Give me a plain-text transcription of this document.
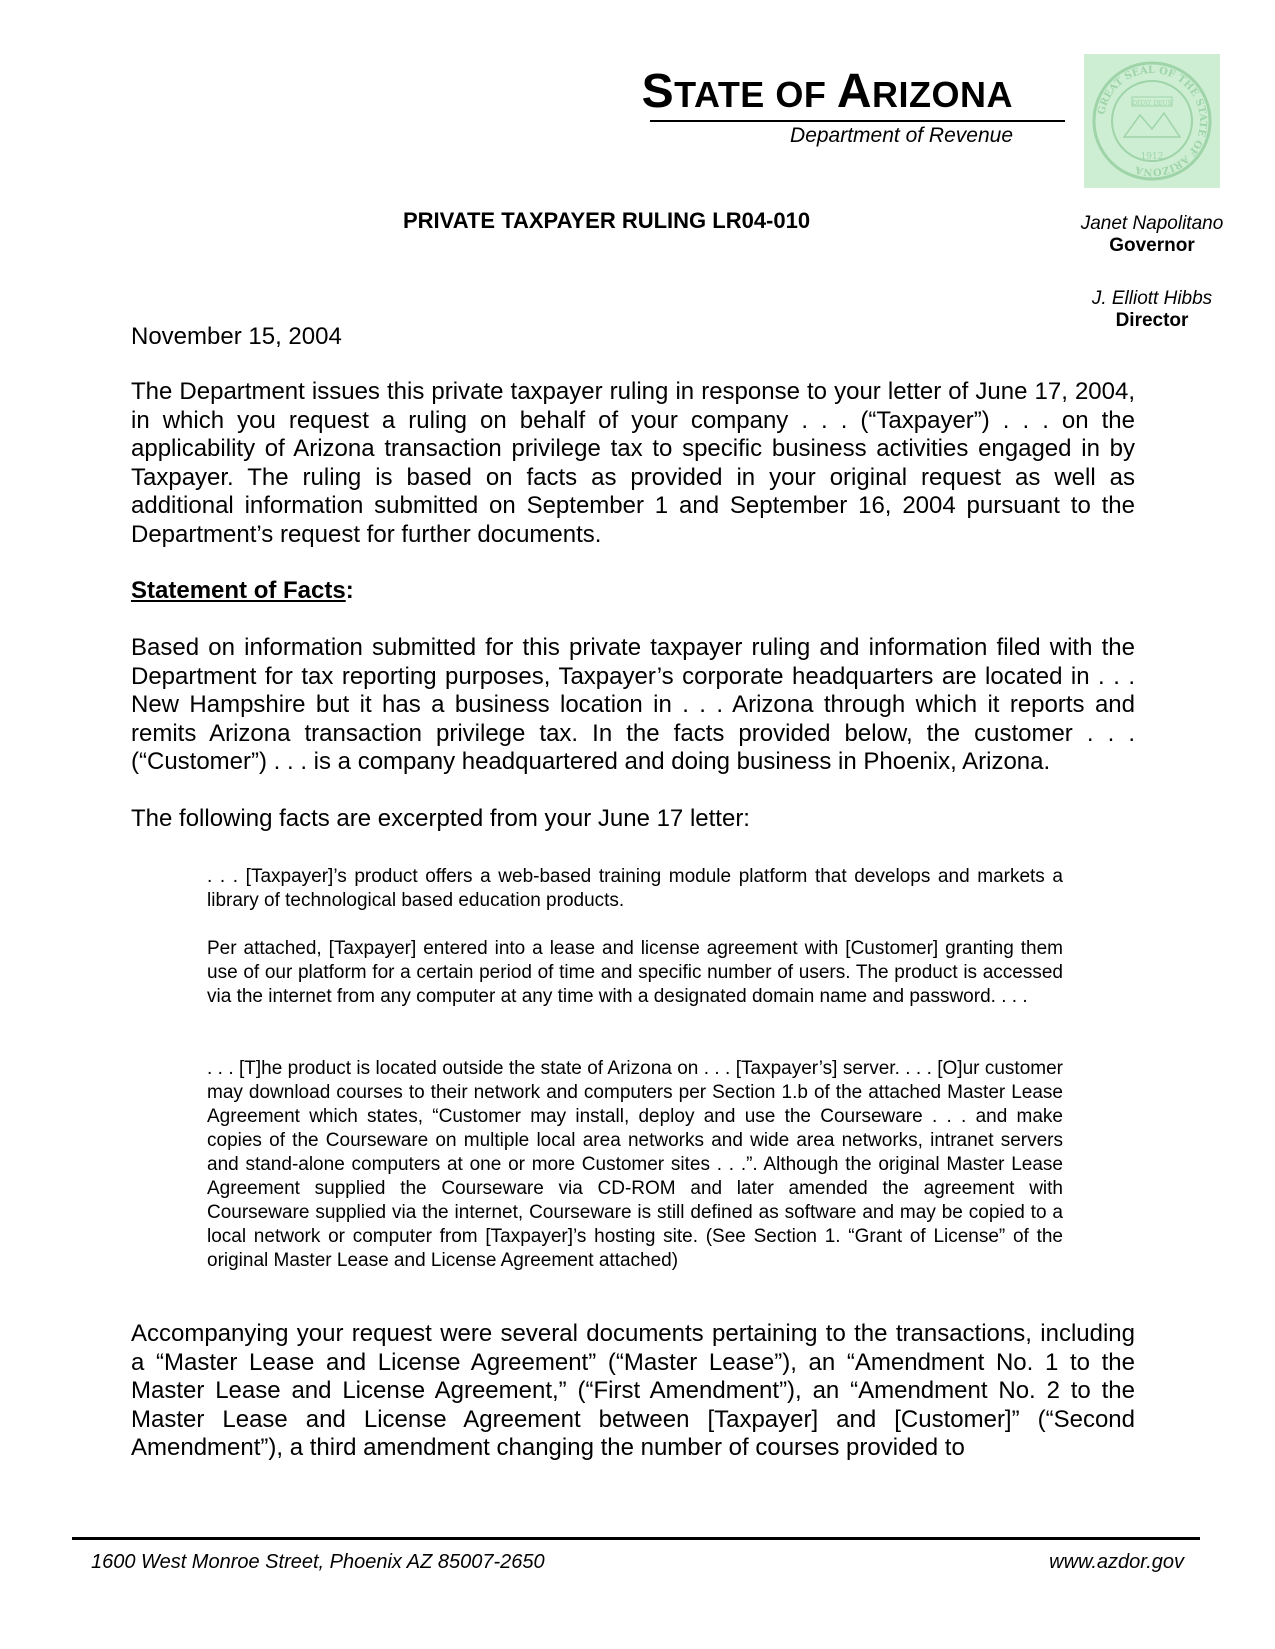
STATE OF ARIZONA
Department of Revenue
GREAT SEAL OF THE STATE OF ARIZONA
DITAT DEUS
1912
PRIVATE TAXPAYER RULING LR04-010	Janet Napolitano
Governor
J. Elliott Hibbs
Director
November 15, 2004

The Department issues this private taxpayer ruling in response to your letter of June 17, 2004, in which you request a ruling on behalf of your company . . . (“Taxpayer”) . . . on the applicability of Arizona transaction privilege tax to specific business activities engaged in by Taxpayer. The ruling is based on facts as provided in your original request as well as additional information submitted on September 1 and September 16, 2004 pursuant to the Department’s request for further documents.

Statement of Facts:

Based on information submitted for this private taxpayer ruling and information filed with the Department for tax reporting purposes, Taxpayer’s corporate headquarters are located in . . . New Hampshire but it has a business location in . . . Arizona through which it reports and remits Arizona transaction privilege tax. In the facts provided below, the customer . . . (“Customer”) . . . is a company headquartered and doing business in Phoenix, Arizona.

The following facts are excerpted from your June 17 letter:

. . . [Taxpayer]’s product offers a web-based training module platform that develops and markets a library of technological based education products.

Per attached, [Taxpayer] entered into a lease and license agreement with [Customer] granting them use of our platform for a certain period of time and specific number of users. The product is accessed via the internet from any computer at any time with a designated domain name and password. . . .

. . . [T]he product is located outside the state of Arizona on . . . [Taxpayer’s] server. . . . [O]ur customer may download courses to their network and computers per Section 1.b of the attached Master Lease Agreement which states, “Customer may install, deploy and use the Courseware . . . and make copies of the Courseware on multiple local area networks and wide area networks, intranet servers and stand-alone computers at one or more Customer sites . . .”. Although the original Master Lease Agreement supplied the Courseware via CD-ROM and later amended the agreement with Courseware supplied via the internet, Courseware is still defined as software and may be copied to a local network or computer from [Taxpayer]’s hosting site. (See Section 1. “Grant of License” of the original Master Lease and License Agreement attached)

Accompanying your request were several documents pertaining to the transactions, including a “Master Lease and License Agreement” (“Master Lease”), an “Amendment No. 1 to the Master Lease and License Agreement,” (“First Amendment”), an “Amendment No. 2 to the Master Lease and License Agreement between [Taxpayer] and [Customer]” (“Second Amendment”), a third amendment changing the number of courses provided to

1600 West Monroe Street, Phoenix AZ 85007-2650	www.azdor.gov
